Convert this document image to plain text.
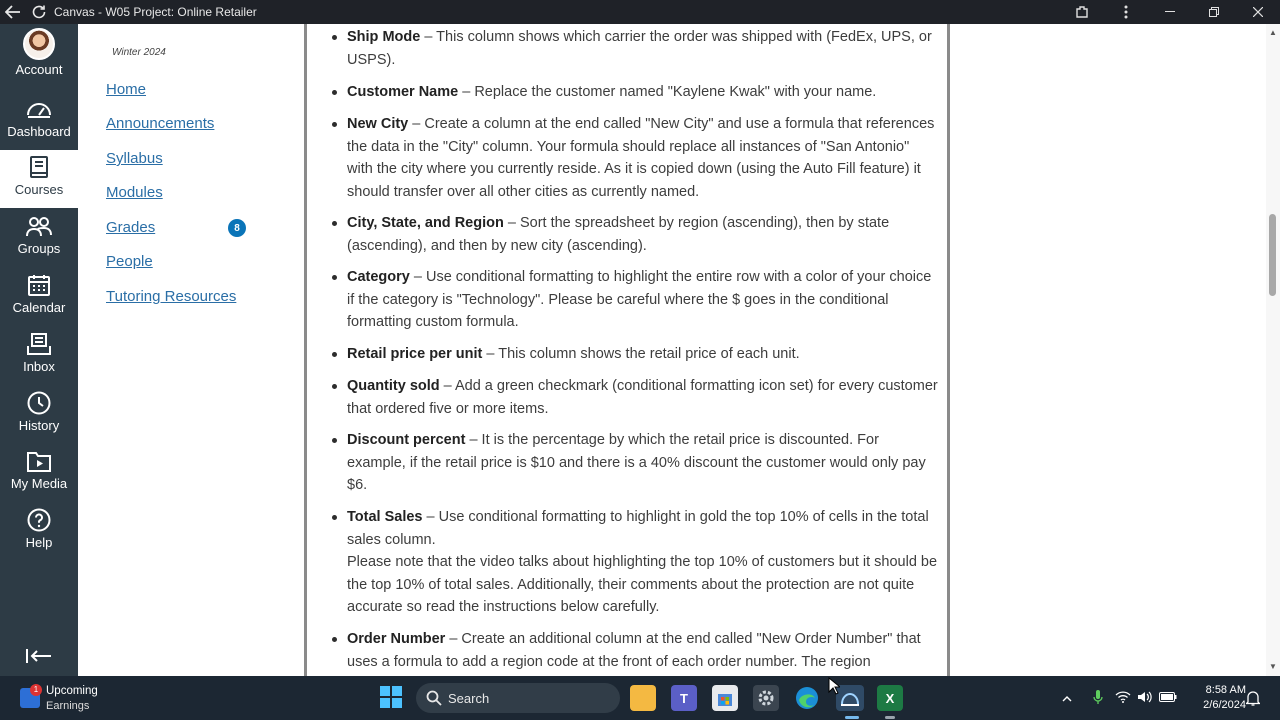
Canvas - W05 Project: Online Retailer
Account
Dashboard
Courses
Groups
Calendar
Inbox
History
My Media
Help
Winter 2024
Home
Announcements
Syllabus
Modules
Grades	8
People
Tutoring Resources
Ship Mode – This column shows which carrier the order was shipped with (FedEx, UPS, or USPS).
Customer Name – Replace the customer named "Kaylene Kwak" with your name.
New City – Create a column at the end called "New City" and use a formula that references the data in the "City" column. Your formula should replace all instances of "San Antonio" with the city where you currently reside. As it is copied down (using the Auto Fill feature) it should transfer over all other cities as currently named.
City, State, and Region – Sort the spreadsheet by region (ascending), then by state (ascending), and then by new city (ascending).
Category – Use conditional formatting to highlight the entire row with a color of your choice if the category is "Technology". Please be careful where the $ goes in the conditional formatting custom formula.
Retail price per unit – This column shows the retail price of each unit.
Quantity sold – Add a green checkmark (conditional formatting icon set) for every customer that ordered five or more items.
Discount percent – It is the percentage by which the retail price is discounted. For example, if the retail price is $10 and there is a 40% discount the customer would only pay $6.
Total Sales – Use conditional formatting to highlight in gold the top 10% of cells in the total sales column.
Please note that the video talks about highlighting the top 10% of customers but it should be the top 10% of total sales. Additionally, their comments about the protection are not quite accurate so read the instructions below carefully.
Order Number – Create an additional column at the end called "New Order Number" that uses a formula to add a region code at the front of each order number. The region
▲
▼
1 Upcoming
Earnings
Search	T	X
8:58 AM
2/6/2024
